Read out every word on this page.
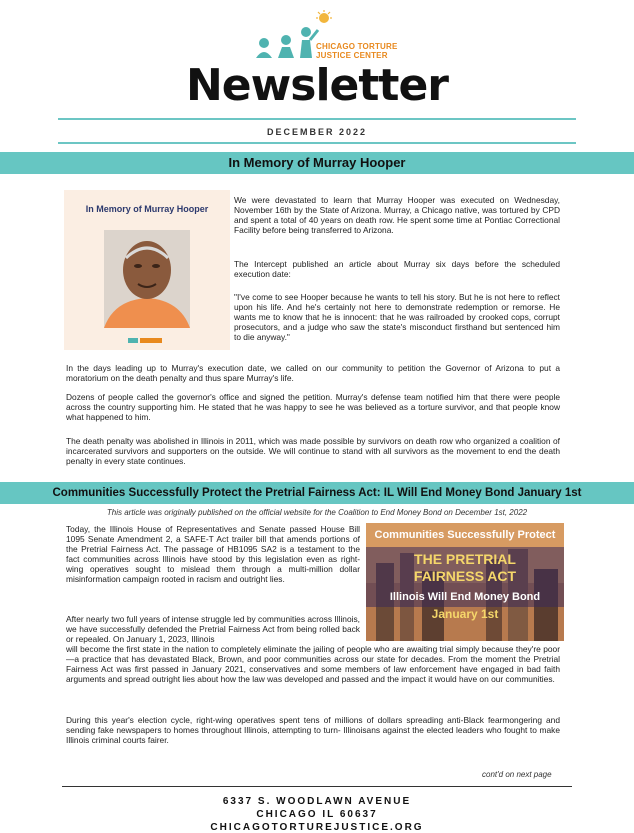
CHICAGO TORTURE
JUSTICE CENTER
Newsletter
DECEMBER 2022
In Memory of Murray Hooper
In Memory of Murray Hooper

We were devastated to learn that Murray Hooper was executed on Wednesday, November 16th by the State of Arizona. Murray, a Chicago native, was tortured by CPD and spent a total of 40 years on death row. He spent some time at Pontiac Correctional Facility before being transferred to Arizona.

The Intercept published an article about Murray six days before the scheduled execution date:

"I've come to see Hooper because he wants to tell his story. But he is not here to reflect upon his life. And he's certainly not here to demonstrate redemption or remorse. He wants me to know that he is innocent: that he was railroaded by crooked cops, corrupt prosecutors, and a judge who saw the state's misconduct firsthand but sentenced him to die anyway."

In the days leading up to Murray's execution date, we called on our community to petition the Governor of Arizona to put a moratorium on the death penalty and thus spare Murray's life.

Dozens of people called the governor's office and signed the petition. Murray's defense team notified him that there were people across the country supporting him. He stated that he was happy to see he was believed as a torture survivor, and that people know what happened to him.

The death penalty was abolished in Illinois in 2011, which was made possible by survivors on death row who organized a coalition of incarcerated survivors and supporters on the outside. We will continue to stand with all survivors as the movement to end the death penalty in every state continues.

Communities Successfully Protect the Pretrial Fairness Act: IL Will End Money Bond January 1st
This article was originally published on the official website for the Coalition to End Money Bond on December 1st, 2022
Communities Successfully Protect
THE PRETRIAL
FAIRNESS ACT
Illinois Will End Money Bond
January 1st

Today, the Illinois House of Representatives and Senate passed House Bill 1095 Senate Amendment 2, a SAFE-T Act trailer bill that amends portions of the Pretrial Fairness Act. The passage of HB1095 SA2 is a testament to the fact communities across Illinois have stood by this legislation even as right-wing operatives sought to mislead them through a multi-million dollar misinformation campaign rooted in racism and outright lies.

After nearly two full years of intense struggle led by communities across Illinois, we have successfully defended the Pretrial Fairness Act from being rolled back or repealed. On January 1, 2023, Illinois

will become the first state in the nation to completely eliminate the jailing of people who are awaiting trial simply because they're poor—a practice that has devastated Black, Brown, and poor communities across our state for decades. From the moment the Pretrial Fairness Act was first passed in January 2021, conservatives and some members of law enforcement have engaged in bad faith arguments and spread outright lies about how the law was developed and passed and the impact it would have on our communities.

During this year's election cycle, right-wing operatives spent tens of millions of dollars spreading anti-Black fearmongering and sending fake newspapers to homes throughout Illinois, attempting to turn- Illinoisans against the elected leaders who fought to make Illinois criminal courts fairer.

cont'd on next page
6337 S. WOODLAWN AVENUE
CHICAGO IL 60637
CHICAGOTORTUREJUSTICE.ORG
